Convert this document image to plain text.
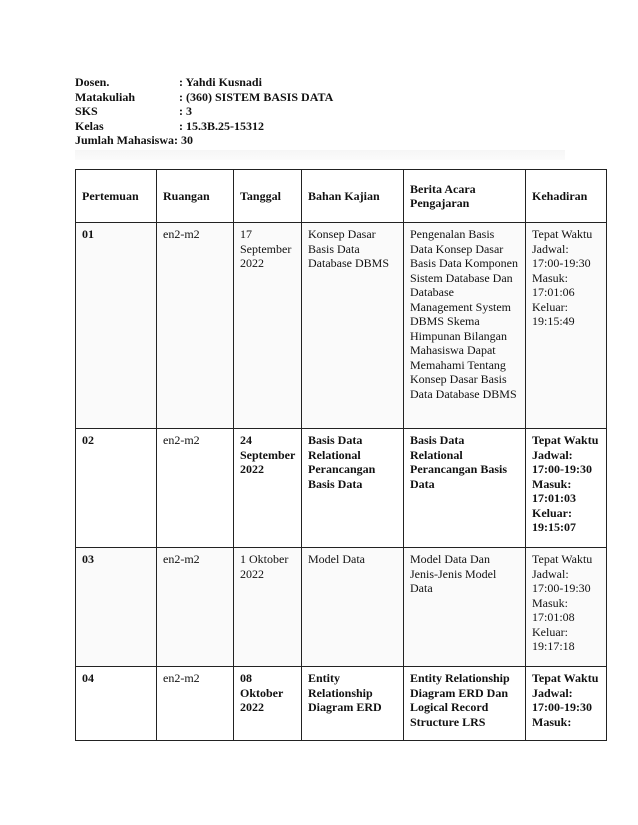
Dosen.	: Yahdi Kusnadi
Matakuliah	: (360) SISTEM BASIS DATA
SKS	: 3
Kelas	: 15.3B.25-15312
Jumlah Mahasiswa : 30
Pertemuan	Ruangan	Tanggal	Bahan Kajian	Berita Acara Pengajaran	Kehadiran
01	en2-m2	17 September 2022	Konsep Dasar Basis Data Database DBMS	Pengenalan Basis Data Konsep Dasar Basis Data Komponen Sistem Database Dan Database Management System DBMS Skema Himpunan Bilangan Mahasiswa Dapat Memahami Tentang Konsep Dasar Basis Data Database DBMS	Tepat Waktu Jadwal: 17:00-19:30 Masuk: 17:01:06 Keluar: 19:15:49
02	en2-m2	24 September 2022	Basis Data Relational Perancangan Basis Data	Basis Data Relational Perancangan Basis Data	Tepat Waktu Jadwal: 17:00-19:30 Masuk: 17:01:03 Keluar: 19:15:07
03	en2-m2	1 Oktober 2022	Model Data	Model Data Dan Jenis-Jenis Model Data	Tepat Waktu Jadwal: 17:00-19:30 Masuk: 17:01:08 Keluar: 19:17:18
04	en2-m2	08 Oktober 2022	Entity Relationship Diagram ERD	Entity Relationship Diagram ERD Dan Logical Record Structure LRS	Tepat Waktu Jadwal: 17:00-19:30 Masuk:
